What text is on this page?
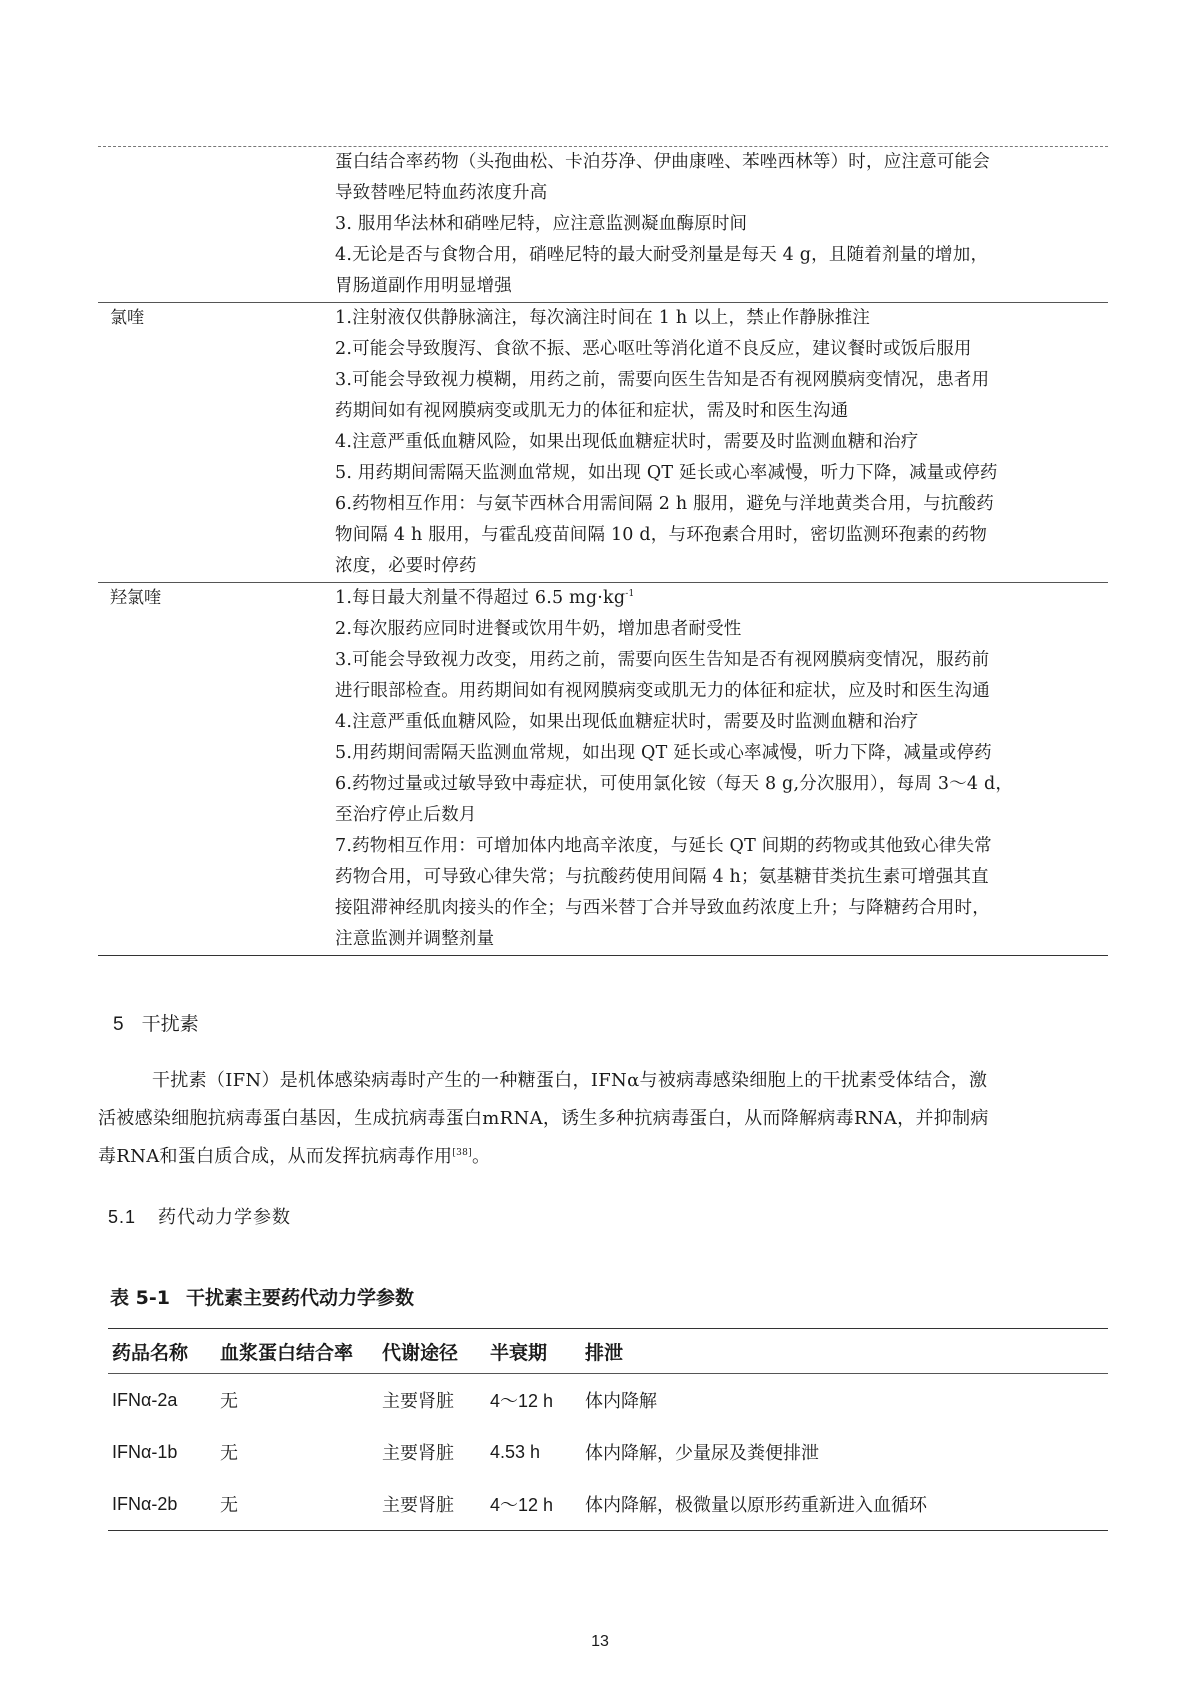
蛋白结合率药物（头孢曲松、卡泊芬净、伊曲康唑、苯唑西林等）时，应注意可能会
导致替唑尼特血药浓度升高
3. 服用华法林和硝唑尼特，应注意监测凝血酶原时间
4.无论是否与食物合用，硝唑尼特的最大耐受剂量是每天 4 g，且随着剂量的增加，
胃肠道副作用明显增强
氯喹	1.注射液仅供静脉滴注，每次滴注时间在 1 h 以上，禁止作静脉推注
2.可能会导致腹泻、食欲不振、恶心呕吐等消化道不良反应，建议餐时或饭后服用
3.可能会导致视力模糊，用药之前，需要向医生告知是否有视网膜病变情况，患者用
药期间如有视网膜病变或肌无力的体征和症状，需及时和医生沟通
4.注意严重低血糖风险，如果出现低血糖症状时，需要及时监测血糖和治疗
5. 用药期间需隔天监测血常规，如出现 QT 延长或心率减慢，听力下降，减量或停药
6.药物相互作用：与氨苄西林合用需间隔 2 h 服用，避免与洋地黄类合用，与抗酸药
物间隔 4 h 服用，与霍乱疫苗间隔 10 d，与环孢素合用时，密切监测环孢素的药物
浓度，必要时停药
羟氯喹	1.每日最大剂量不得超过 6.5 $mg\cdot kg^{-1}$
2.每次服药应同时进餐或饮用牛奶，增加患者耐受性
3.可能会导致视力改变，用药之前，需要向医生告知是否有视网膜病变情况，服药前
进行眼部检查。用药期间如有视网膜病变或肌无力的体征和症状，应及时和医生沟通
4.注意严重低血糖风险，如果出现低血糖症状时，需要及时监测血糖和治疗
5.用药期间需隔天监测血常规，如出现 QT 延长或心率减慢，听力下降，减量或停药
6.药物过量或过敏导致中毒症状，可使用氯化铵（每天 8 g,分次服用），每周 3～4 d，
至治疗停止后数月
7.药物相互作用：可增加体内地高辛浓度，与延长 QT 间期的药物或其他致心律失常
药物合用，可导致心律失常；与抗酸药使用间隔 4 h；氨基糖苷类抗生素可增强其直
接阻滞神经肌肉接头的作全；与西米替丁合并导致血药浓度上升；与降糖药合用时，
注意监测并调整剂量
5 干扰素
干扰素（IFN）是机体感染病毒时产生的一种糖蛋白，IFNα与被病毒感染细胞上的干扰素受体结合，激
活被感染细胞抗病毒蛋白基因，生成抗病毒蛋白mRNA，诱生多种抗病毒蛋白，从而降解病毒RNA，并抑制病
毒RNA和蛋白质合成，从而发挥抗病毒作用[38]。
5.1 药代动力学参数
表 5-1 干扰素主要药代动力学参数
药品名称	血浆蛋白结合率	代谢途径	半衰期	排泄
IFNα-2a	无	主要肾脏	4～12 h	体内降解
IFNα-1b	无	主要肾脏	4.53 h	体内降解，少量尿及粪便排泄
IFNα-2b	无	主要肾脏	4～12 h	体内降解，极微量以原形药重新进入血循环
13
